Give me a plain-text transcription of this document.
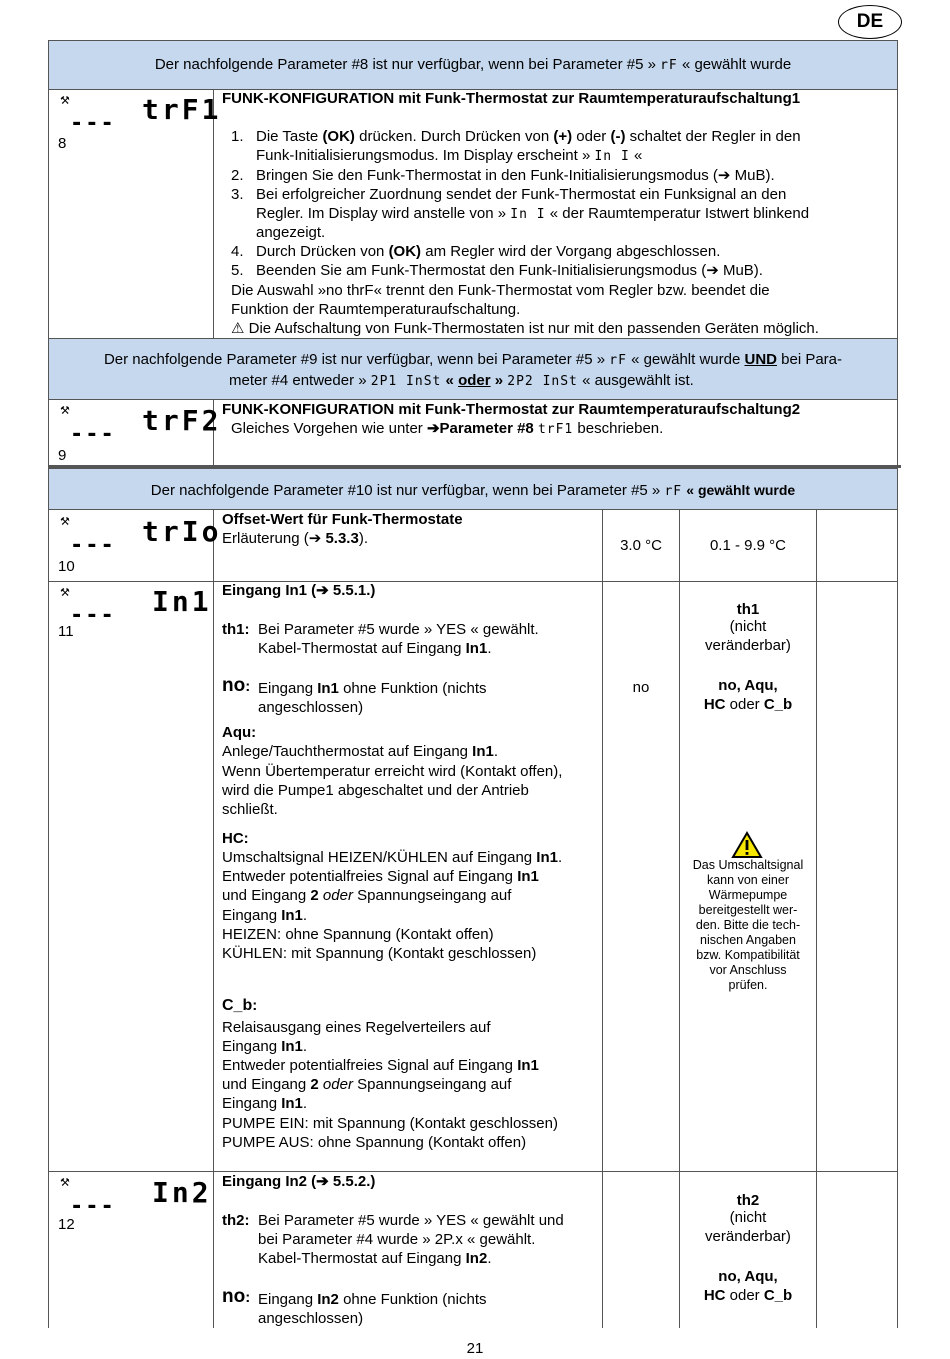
DE
Der nachfolgende Parameter #8 ist nur verfügbar, wenn bei Parameter #5 » rF « gewählt wurde
⚒
8
--- trF1 FUNK-KONFIGURATION mit Funk-Thermostat zur Raumtemperaturaufschaltung1
1. Die Taste (OK) drücken. Durch Drücken von (+) oder (-) schaltet der Regler in den
Funk-Initialisierungsmodus. Im Display erscheint » In I «
2. Bringen Sie den Funk-Thermostat in den Funk-Initialisierungsmodus (➔ MuB).
3. Bei erfolgreicher Zuordnung sendet der Funk-Thermostat ein Funksignal an den
Regler. Im Display wird anstelle von » In I « der Raumtemperatur Istwert blinkend
angezeigt.
4. Durch Drücken von (OK) am Regler wird der Vorgang abgeschlossen.
5. Beenden Sie am Funk-Thermostat den Funk-Initialisierungsmodus (➔ MuB).
Die Auswahl »no thrF« trennt den Funk-Thermostat vom Regler bzw. beendet die
Funktion der Raumtemperaturaufschaltung.
⚠ Die Aufschaltung von Funk-Thermostaten ist nur mit den passenden Geräten möglich.
Der nachfolgende Parameter #9 ist nur verfügbar, wenn bei Parameter #5 » rF « gewählt wurde UND bei Para-
meter #4 entweder » 2P1 InSt « oder » 2P2 InSt « ausgewählt ist.
⚒
--- trF2
9
FUNK-KONFIGURATION mit Funk-Thermostat zur Raumtemperaturaufschaltung2
Gleiches Vorgehen wie unter ➔Parameter #8 trF1 beschrieben.
Der nachfolgende Parameter #10 ist nur verfügbar, wenn bei Parameter #5 » rF « gewählt wurde
⚒
--- trIo
10
Offset-Wert für Funk-Thermostate
Erläuterung (➔ 5.3.3).	3.0 °C	0.1 - 9.9 °C
⚒
--- In1
11
Eingang In1 (➔ 5.5.1.)
th1: Bei Parameter #5 wurde » YES « gewählt.
Kabel-Thermostat auf Eingang In1.
no: Eingang In1 ohne Funktion (nichts
angeschlossen)
Aqu:
Anlege/Tauchthermostat auf Eingang In1.
Wenn Übertemperatur erreicht wird (Kontakt offen),
wird die Pumpe1 abgeschaltet und der Antrieb
schließt.
HC:
Umschaltsignal HEIZEN/KÜHLEN auf Eingang In1.
Entweder potentialfreies Signal auf Eingang In1
und Eingang 2 oder Spannungseingang auf
Eingang In1.
HEIZEN: ohne Spannung (Kontakt offen)
KÜHLEN: mit Spannung (Kontakt geschlossen)
C_b:
Relaisausgang eines Regelverteilers auf
Eingang In1.
Entweder potentialfreies Signal auf Eingang In1
und Eingang 2 oder Spannungseingang auf
Eingang In1.
PUMPE EIN: mit Spannung (Kontakt geschlossen)
PUMPE AUS: ohne Spannung (Kontakt offen)
no
th1
(nicht
veränderbar)
no, Aqu,
HC oder C_b
Das Umschaltsignal
kann von einer
Wärmepumpe
bereitgestellt wer-
den. Bitte die tech-
nischen Angaben
bzw. Kompatibilität
vor Anschluss
prüfen.
⚒
--- In2
12
Eingang In2 (➔ 5.5.2.)
th2: Bei Parameter #5 wurde » YES « gewählt und
bei Parameter #4 wurde » 2P.x « gewählt.
Kabel-Thermostat auf Eingang In2.
no: Eingang In2 ohne Funktion (nichts
angeschlossen)
th2
(nicht
veränderbar)
no, Aqu,
HC oder C_b
21
